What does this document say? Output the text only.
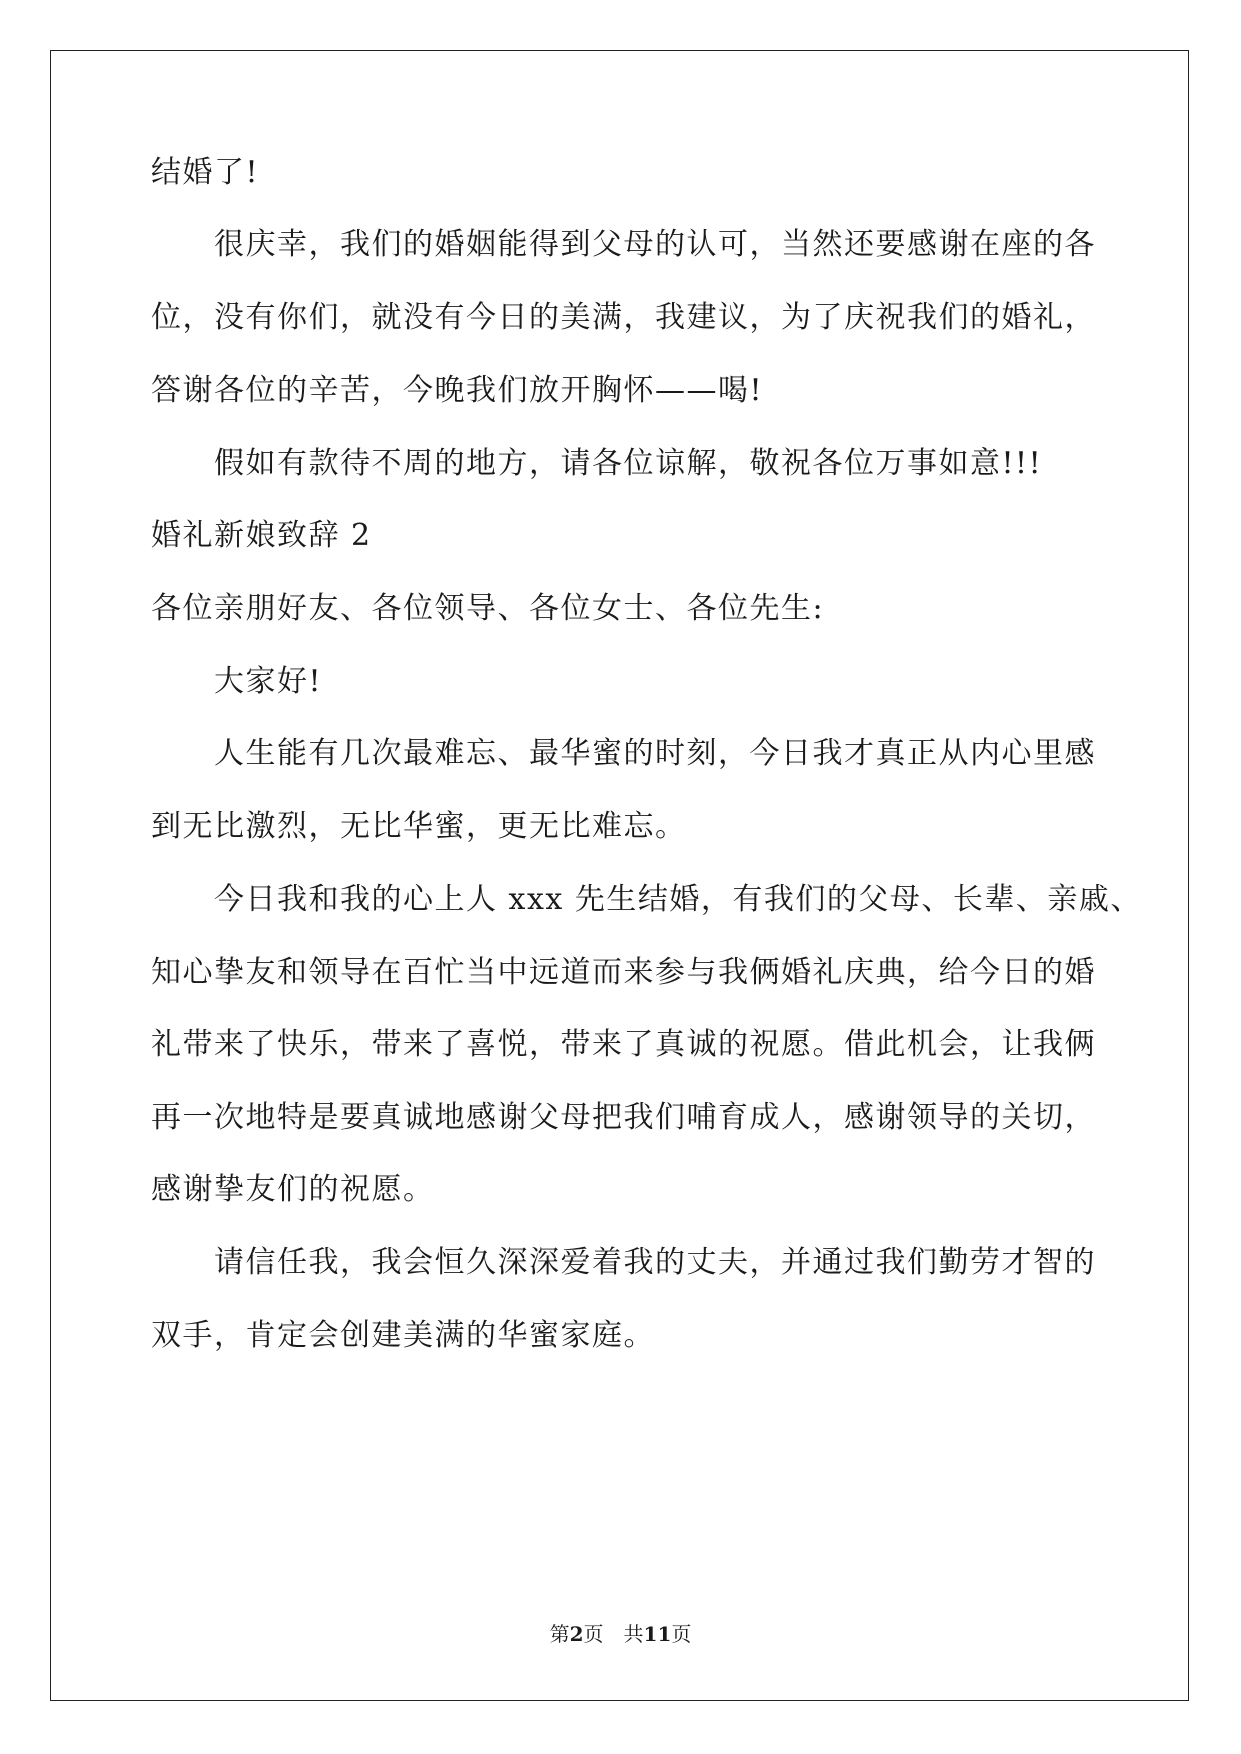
结婚了!
很庆幸，我们的婚姻能得到父母的认可，当然还要感谢在座的各
位，没有你们，就没有今日的美满，我建议，为了庆祝我们的婚礼，
答谢各位的辛苦，今晚我们放开胸怀——喝!
假如有款待不周的地方，请各位谅解，敬祝各位万事如意!!!
婚礼新娘致辞 2
各位亲朋好友、各位领导、各位女士、各位先生:
大家好!
人生能有几次最难忘、最华蜜的时刻，今日我才真正从内心里感
到无比激烈，无比华蜜，更无比难忘。
今日我和我的心上人 xxx 先生结婚，有我们的父母、长辈、亲戚、
知心挚友和领导在百忙当中远道而来参与我俩婚礼庆典，给今日的婚
礼带来了快乐，带来了喜悦，带来了真诚的祝愿。借此机会，让我俩
再一次地特是要真诚地感谢父母把我们哺育成人，感谢领导的关切，
感谢挚友们的祝愿。
请信任我，我会恒久深深爱着我的丈夫，并通过我们勤劳才智的
双手，肯定会创建美满的华蜜家庭。
第2页　共11页
